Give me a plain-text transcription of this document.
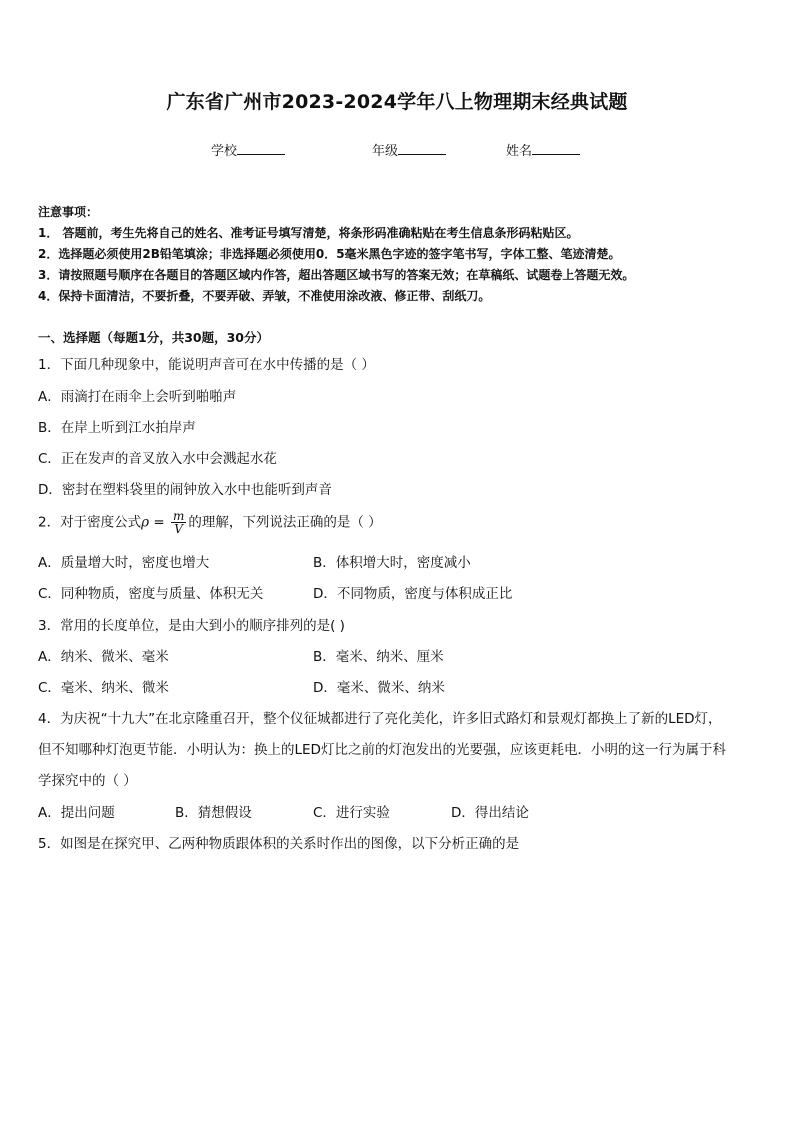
广东省广州市2023-2024学年八上物理期末经典试题
学校	年级	姓名
注意事项：
1． 答题前，考生先将自己的姓名、准考证号填写清楚，将条形码准确粘贴在考生信息条形码粘贴区。
2．选择题必须使用2B铅笔填涂；非选择题必须使用0．5毫米黑色字迹的签字笔书写，字体工整、笔迹清楚。
3．请按照题号顺序在各题目的答题区域内作答，超出答题区域书写的答案无效；在草稿纸、试题卷上答题无效。
4．保持卡面清洁，不要折叠，不要弄破、弄皱，不准使用涂改液、修正带、刮纸刀。
一、选择题（每题1分，共30题，30分）
1．下面几种现象中，能说明声音可在水中传播的是（ ）
A．雨滴打在雨伞上会听到啪啪声
B．在岸上听到江水拍岸声
C．正在发声的音叉放入水中会溅起水花
D．密封在塑料袋里的闹钟放入水中也能听到声音
2．对于密度公式$\rho = \frac{m}{V}$ 的理解，下列说法正确的是（ ）
A．质量增大时，密度也增大	B．体积增大时，密度减小
C．同种物质，密度与质量、体积无关	D．不同物质，密度与体积成正比
3．常用的长度单位，是由大到小的顺序排列的是( )
A．纳米、微米、毫米	B．毫米、纳米、厘米
C．毫米、纳米、微米	D．毫米、微米、纳米
4．为庆祝“十九大”在北京隆重召开，整个仪征城都进行了亮化美化，许多旧式路灯和景观灯都换上了新的LED灯，
但不知哪种灯泡更节能．小明认为：换上的LED灯比之前的灯泡发出的光要强，应该更耗电．小明的这一行为属于科
学探究中的（ ）
A．提出问题	B．猜想假设	C．进行实验	D．得出结论
5．如图是在探究甲、乙两种物质跟体积的关系时作出的图像，以下分析正确的是
